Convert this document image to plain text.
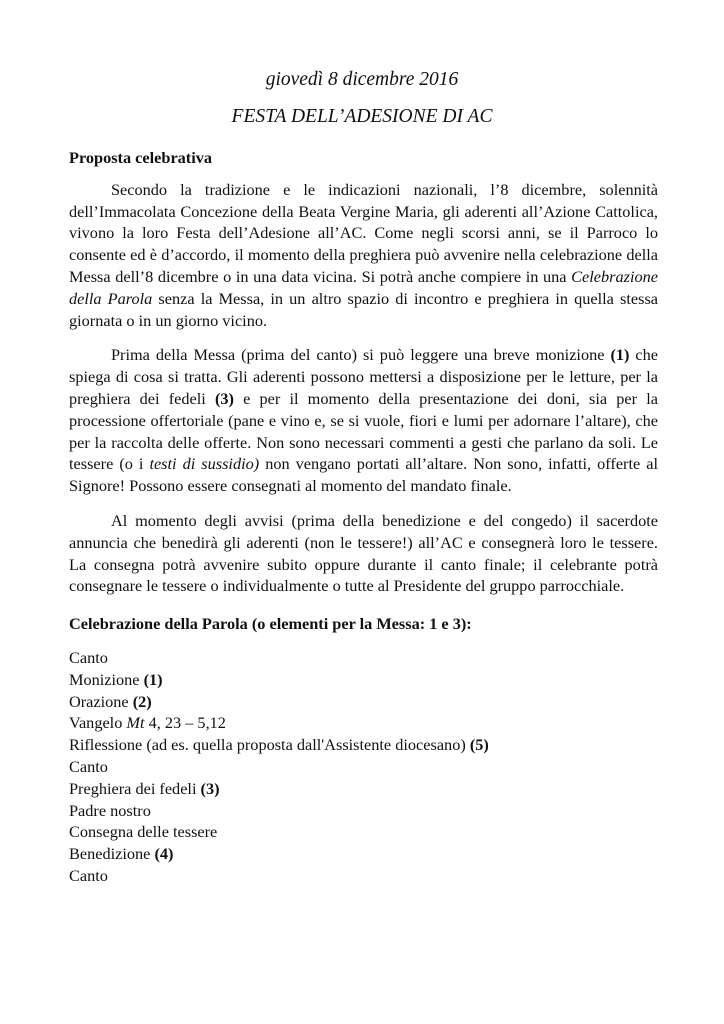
giovedì 8 dicembre 2016
FESTA DELL’ADESIONE DI AC
Proposta celebrativa

Secondo la tradizione e le indicazioni nazionali, l’8 dicembre, solennità dell’Immacolata Concezione della Beata Vergine Maria, gli aderenti all’Azione Cattolica, vivono la loro Festa dell’Adesione all’AC. Come negli scorsi anni, se il Parroco lo consente ed è d’accordo, il momento della preghiera può avvenire nella celebrazione della Messa dell’8 dicembre o in una data vicina. Si potrà anche compiere in una Celebrazione della Parola senza la Messa, in un altro spazio di incontro e preghiera in quella stessa giornata o in un giorno vicino.

Prima della Messa (prima del canto) si può leggere una breve monizione (1) che spiega di cosa si tratta. Gli aderenti possono mettersi a disposizione per le letture, per la preghiera dei fedeli (3) e per il momento della presentazione dei doni, sia per la processione offertoriale (pane e vino e, se si vuole, fiori e lumi per adornare l’altare), che per la raccolta delle offerte. Non sono necessari commenti a gesti che parlano da soli. Le tessere (o i testi di sussidio) non vengano portati all’altare. Non sono, infatti, offerte al Signore! Possono essere consegnati al momento del mandato finale.

Al momento degli avvisi (prima della benedizione e del congedo) il sacerdote annuncia che benedirà gli aderenti (non le tessere!) all’AC e consegnerà loro le tessere. La consegna potrà avvenire subito oppure durante il canto finale; il celebrante potrà consegnare le tessere o individualmente o tutte al Presidente del gruppo parrocchiale.

Celebrazione della Parola (o elementi per la Messa: 1 e 3):
Canto
Monizione (1)
Orazione (2)
Vangelo Mt 4, 23 – 5,12
Riflessione (ad es. quella proposta dall'Assistente diocesano) (5)
Canto
Preghiera dei fedeli (3)
Padre nostro
Consegna delle tessere
Benedizione (4)
Canto
